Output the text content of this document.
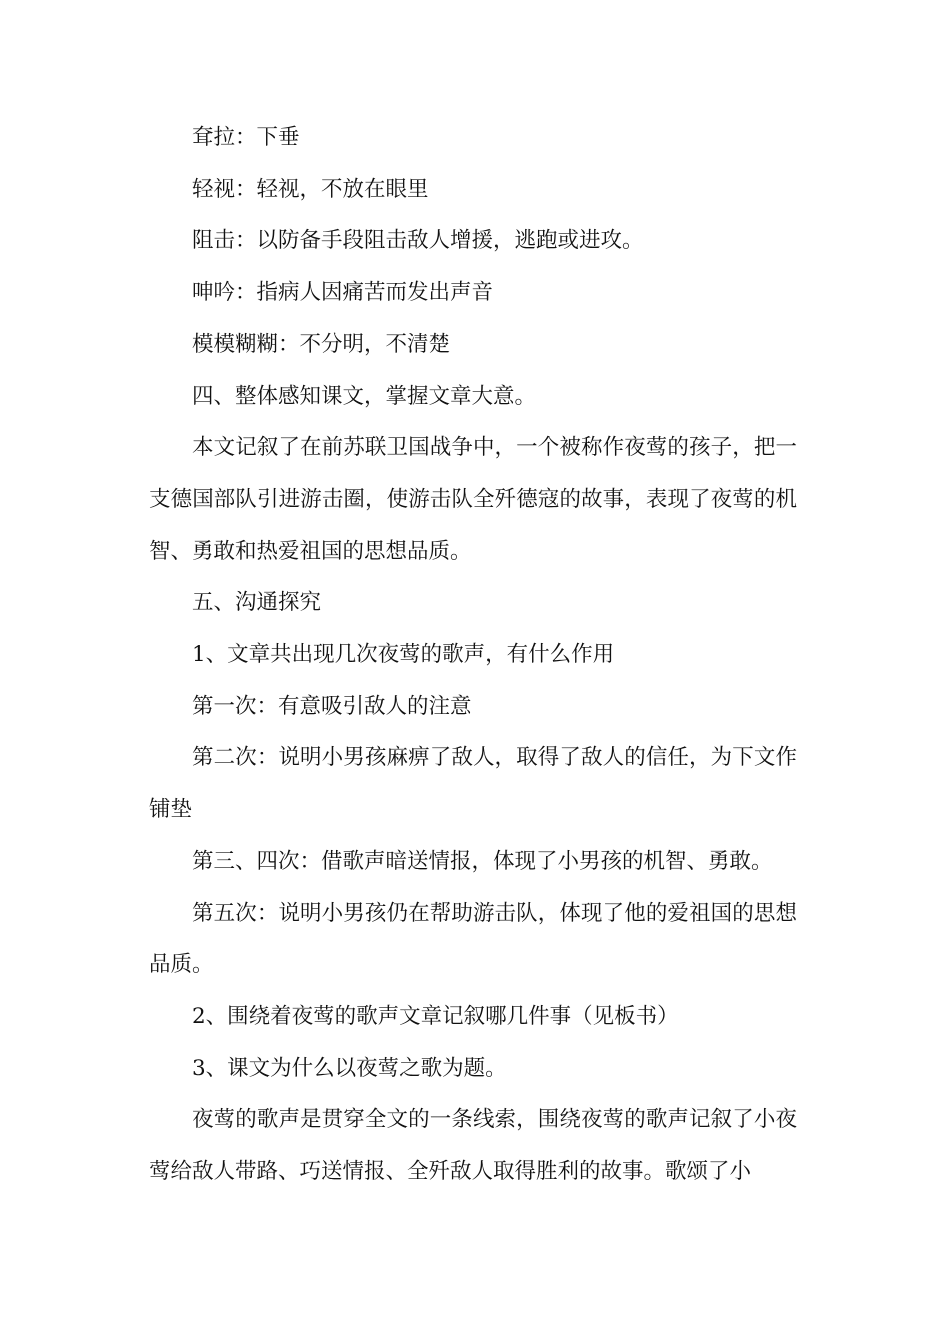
耷拉：下垂

轻视：轻视，不放在眼里

阻击：以防备手段阻击敌人增援，逃跑或进攻。

呻吟：指病人因痛苦而发出声音

模模糊糊：不分明，不清楚

四、整体感知课文，掌握文章大意。

本文记叙了在前苏联卫国战争中，一个被称作夜莺的孩子，把一支德国部队引进游击圈，使游击队全歼德寇的故事，表现了夜莺的机智、勇敢和热爱祖国的思想品质。

五、沟通探究

1、文章共出现几次夜莺的歌声，有什么作用

第一次：有意吸引敌人的注意

第二次：说明小男孩麻痹了敌人，取得了敌人的信任，为下文作铺垫

第三、四次：借歌声暗送情报，体现了小男孩的机智、勇敢。

第五次：说明小男孩仍在帮助游击队，体现了他的爱祖国的思想品质。

2、围绕着夜莺的歌声文章记叙哪几件事（见板书）

3、课文为什么以夜莺之歌为题。

夜莺的歌声是贯穿全文的一条线索，围绕夜莺的歌声记叙了小夜莺给敌人带路、巧送情报、全歼敌人取得胜利的故事。歌颂了小
